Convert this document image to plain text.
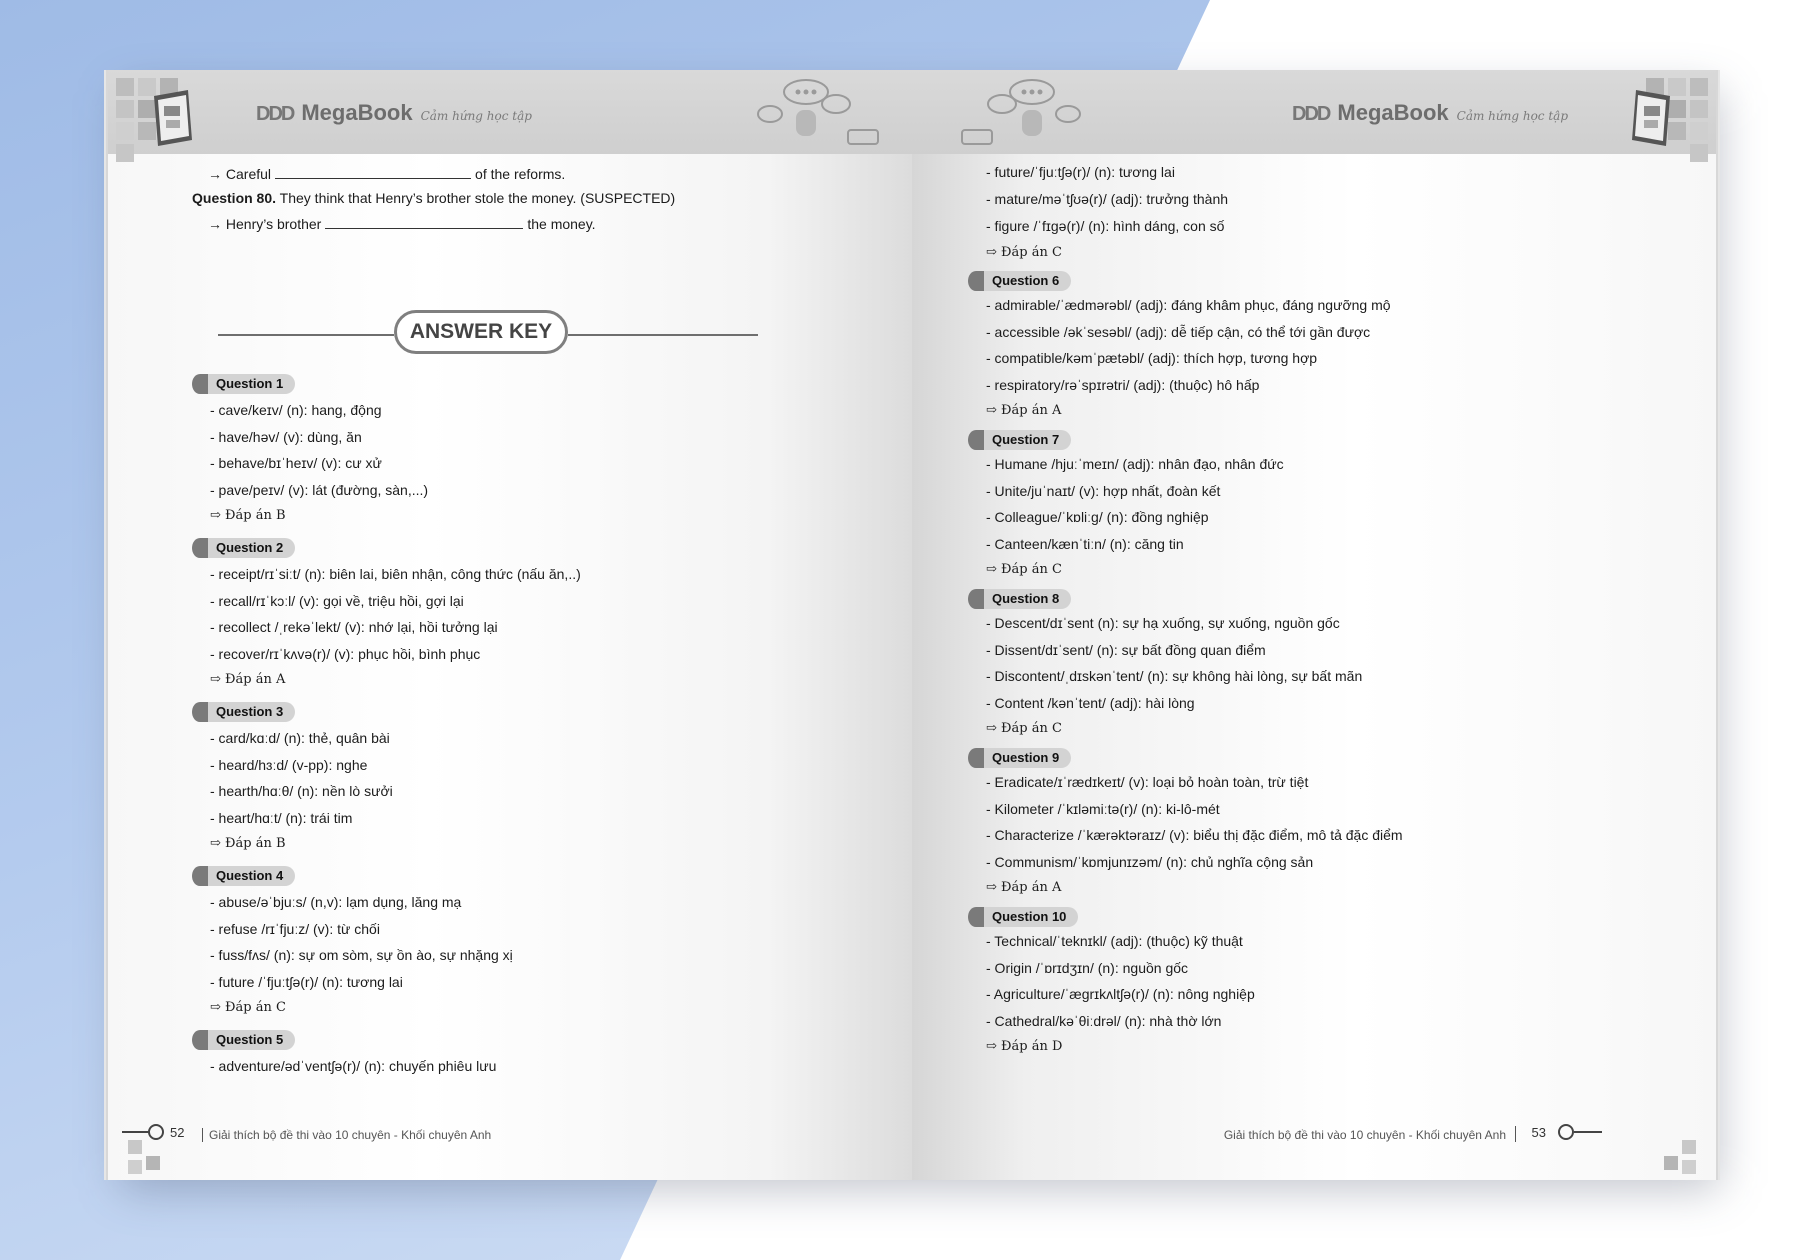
DDD MegaBook Cảm hứng học tập
→ Careful	of the reforms.
Question 80. They think that Henry’s brother stole the money. (SUSPECTED)
→ Henry’s brother	the money.
ANSWER KEY
Question 1
- cave/keɪv/ (n): hang, động
- have/həv/ (v): dùng, ăn
- behave/bɪˈheɪv/ (v): cư xử
- pave/peɪv/ (v): lát (đường, sàn,...)
⇨ Đáp án B
Question 2
- receipt/rɪˈsiːt/ (n): biên lai, biên nhận, công thức (nấu ăn,..)
- recall/rɪˈkɔːl/ (v): gọi về, triệu hồi, gợi lại
- recollect /ˌrekəˈlekt/ (v): nhớ lại, hồi tưởng lại
- recover/rɪˈkʌvə(r)/ (v): phục hồi, bình phục
⇨ Đáp án A
Question 3
- card/kɑːd/ (n): thẻ, quân bài
- heard/hɜːd/ (v-pp): nghe
- hearth/hɑːθ/ (n): nền lò sưởi
- heart/hɑːt/ (n): trái tim
⇨ Đáp án B
Question 4
- abuse/əˈbjuːs/ (n,v): lạm dụng, lăng mạ
- refuse /rɪˈfjuːz/ (v): từ chối
- fuss/fʌs/ (n): sự om sòm, sự ồn ào, sự nhặng xị
- future /ˈfjuːtʃə(r)/ (n): tương lai
⇨ Đáp án C
Question 5
- adventure/ədˈventʃə(r)/ (n): chuyến phiêu lưu
52	Giải thích bộ đề thi vào 10 chuyên - Khối chuyên Anh
DDD MegaBook Cảm hứng học tập
- future/ˈfjuːtʃə(r)/ (n): tương lai
- mature/məˈtʃʊə(r)/ (adj): trưởng thành
- figure /ˈfɪɡə(r)/ (n): hình dáng, con số
⇨ Đáp án C
Question 6
- admirable/ˈædmərəbl/ (adj): đáng khâm phục, đáng ngưỡng mộ
- accessible /əkˈsesəbl/ (adj): dễ tiếp cận, có thể tới gần được
- compatible/kəmˈpætəbl/ (adj): thích hợp, tương hợp
- respiratory/rəˈspɪrətri/ (adj): (thuộc) hô hấp
⇨ Đáp án A
Question 7
- Humane /hjuːˈmeɪn/ (adj): nhân đạo, nhân đức
- Unite/juˈnaɪt/ (v): hợp nhất, đoàn kết
- Colleague/ˈkɒliːɡ/ (n): đồng nghiệp
- Canteen/kænˈtiːn/ (n): căng tin
⇨ Đáp án C
Question 8
- Descent/dɪˈsent (n): sự hạ xuống, sự xuống, nguồn gốc
- Dissent/dɪˈsent/ (n): sự bất đồng quan điểm
- Discontent/ˌdɪskənˈtent/ (n): sự không hài lòng, sự bất mãn
- Content /kənˈtent/ (adj): hài lòng
⇨ Đáp án C
Question 9
- Eradicate/ɪˈrædɪkeɪt/ (v): loại bỏ hoàn toàn, trừ tiệt
- Kilometer /ˈkɪləmiːtə(r)/ (n): ki-lô-mét
- Characterize /ˈkærəktəraɪz/ (v): biểu thị đặc điểm, mô tả đặc điểm
- Communism/ˈkɒmjunɪzəm/ (n): chủ nghĩa cộng sản
⇨ Đáp án A
Question 10
- Technical/ˈteknɪkl/ (adj): (thuộc) kỹ thuật
- Origin /ˈɒrɪdʒɪn/ (n): nguồn gốc
- Agriculture/ˈæɡrɪkʌltʃə(r)/ (n): nông nghiệp
- Cathedral/kəˈθiːdrəl/ (n): nhà thờ lớn
⇨ Đáp án D
Giải thích bộ đề thi vào 10 chuyên - Khối chuyên Anh 53
